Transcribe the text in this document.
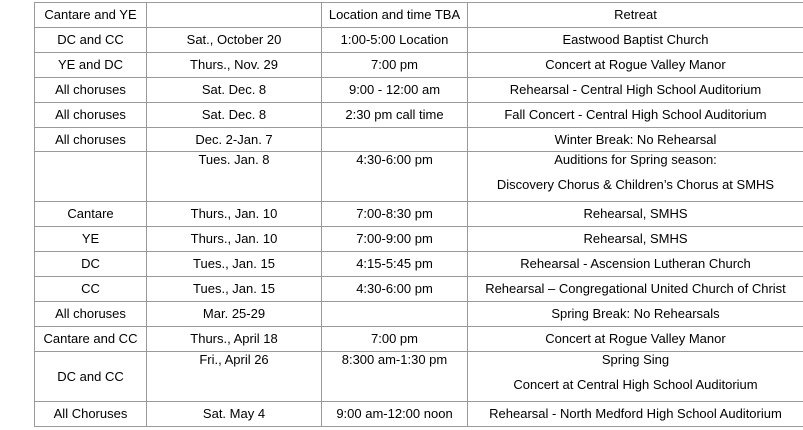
Cantare and YE		Location and time TBA	Retreat

DC and CC	Sat., October 20	1:00-5:00 Location	Eastwood Baptist Church

YE and DC	Thurs., Nov. 29	7:00 pm	Concert at Rogue Valley Manor

All choruses	Sat. Dec. 8	9:00 - 12:00 am	Rehearsal - Central High School Auditorium

All choruses	Sat. Dec. 8	2:30 pm call time	Fall Concert - Central High School Auditorium

All choruses	Dec. 2-Jan. 7		Winter Break: No Rehearsal

	Tues. Jan. 8	4:30-6:00 pm	Auditions for Spring season:
Discovery Chorus & Children’s Chorus at SMHS

Cantare	Thurs., Jan. 10	7:00-8:30 pm	Rehearsal, SMHS

YE	Thurs., Jan. 10	7:00-9:00 pm	Rehearsal, SMHS

DC	Tues., Jan. 15	4:15-5:45 pm	Rehearsal - Ascension Lutheran Church

CC	Tues., Jan. 15	4:30-6:00 pm	Rehearsal – Congregational United Church of Christ

All choruses	Mar. 25-29		Spring Break: No Rehearsals

Cantare and CC	Thurs., April 18	7:00 pm	Concert at Rogue Valley Manor

DC and CC	Fri., April 26	8:300 am-1:30 pm	Spring Sing
Concert at Central High School Auditorium

All Choruses	Sat. May 4	9:00 am-12:00 noon	Rehearsal - North Medford High School Auditorium
